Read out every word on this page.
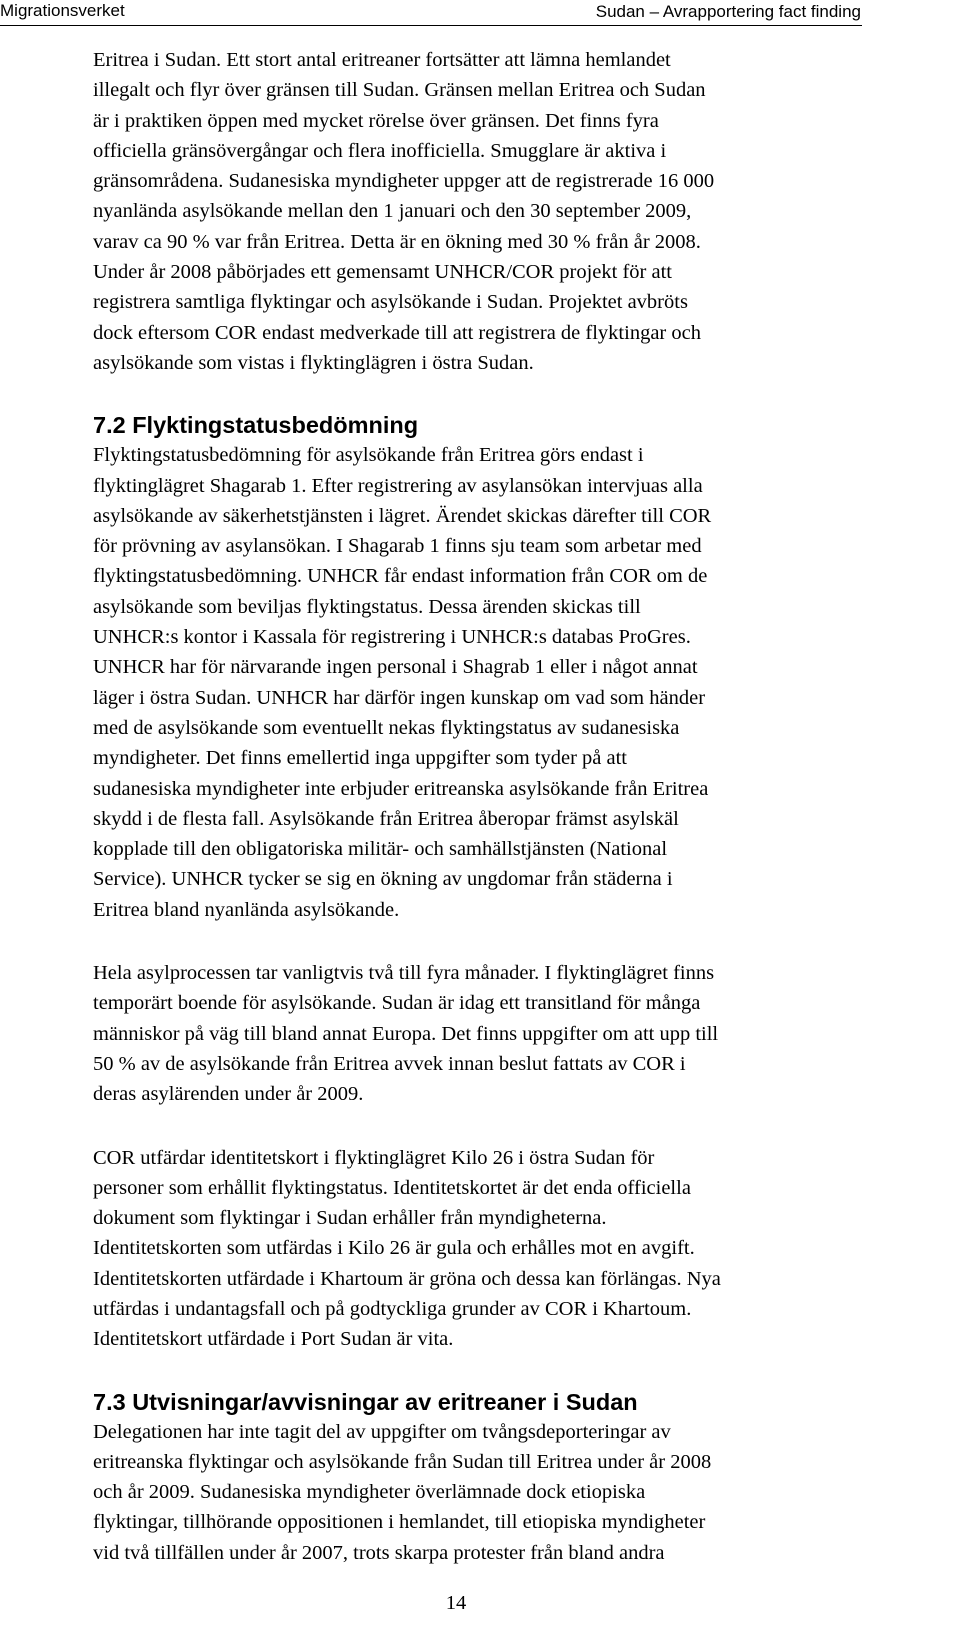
Migrationsverket	Sudan – Avrapportering fact finding

Eritrea i Sudan. Ett stort antal eritreaner fortsätter att lämna hemlandet
illegalt och flyr över gränsen till Sudan. Gränsen mellan Eritrea och Sudan
är i praktiken öppen med mycket rörelse över gränsen. Det finns fyra
officiella gränsövergångar och flera inofficiella. Smugglare är aktiva i
gränsområdena. Sudanesiska myndigheter uppger att de registrerade 16 000
nyanlända asylsökande mellan den 1 januari och den 30 september 2009,
varav ca 90 % var från Eritrea. Detta är en ökning med 30 % från år 2008.
Under år 2008 påbörjades ett gemensamt UNHCR/COR projekt för att
registrera samtliga flyktingar och asylsökande i Sudan. Projektet avbröts
dock eftersom COR endast medverkade till att registrera de flyktingar och
asylsökande som vistas i flyktinglägren i östra Sudan.

7.2 Flyktingstatusbedömning

Flyktingstatusbedömning för asylsökande från Eritrea görs endast i
flyktinglägret Shagarab 1. Efter registrering av asylansökan intervjuas alla
asylsökande av säkerhetstjänsten i lägret. Ärendet skickas därefter till COR
för prövning av asylansökan. I Shagarab 1 finns sju team som arbetar med
flyktingstatusbedömning. UNHCR får endast information från COR om de
asylsökande som beviljas flyktingstatus. Dessa ärenden skickas till
UNHCR:s kontor i Kassala för registrering i UNHCR:s databas ProGres.
UNHCR har för närvarande ingen personal i Shagrab 1 eller i något annat
läger i östra Sudan. UNHCR har därför ingen kunskap om vad som händer
med de asylsökande som eventuellt nekas flyktingstatus av sudanesiska
myndigheter. Det finns emellertid inga uppgifter som tyder på att
sudanesiska myndigheter inte erbjuder eritreanska asylsökande från Eritrea
skydd i de flesta fall. Asylsökande från Eritrea åberopar främst asylskäl
kopplade till den obligatoriska militär- och samhällstjänsten (National
Service). UNHCR tycker se sig en ökning av ungdomar från städerna i
Eritrea bland nyanlända asylsökande.

Hela asylprocessen tar vanligtvis två till fyra månader. I flyktinglägret finns
temporärt boende för asylsökande. Sudan är idag ett transitland för många
människor på väg till bland annat Europa. Det finns uppgifter om att upp till
50 % av de asylsökande från Eritrea avvek innan beslut fattats av COR i
deras asylärenden under år 2009.

COR utfärdar identitetskort i flyktinglägret Kilo 26 i östra Sudan för
personer som erhållit flyktingstatus. Identitetskortet är det enda officiella
dokument som flyktingar i Sudan erhåller från myndigheterna.
Identitetskorten som utfärdas i Kilo 26 är gula och erhålles mot en avgift.
Identitetskorten utfärdade i Khartoum är gröna och dessa kan förlängas. Nya
utfärdas i undantagsfall och på godtyckliga grunder av COR i Khartoum.
Identitetskort utfärdade i Port Sudan är vita.

7.3 Utvisningar/avvisningar av eritreaner i Sudan

Delegationen har inte tagit del av uppgifter om tvångsdeporteringar av
eritreanska flyktingar och asylsökande från Sudan till Eritrea under år 2008
och år 2009. Sudanesiska myndigheter överlämnade dock etiopiska
flyktingar, tillhörande oppositionen i hemlandet, till etiopiska myndigheter
vid två tillfällen under år 2007, trots skarpa protester från bland andra

14
